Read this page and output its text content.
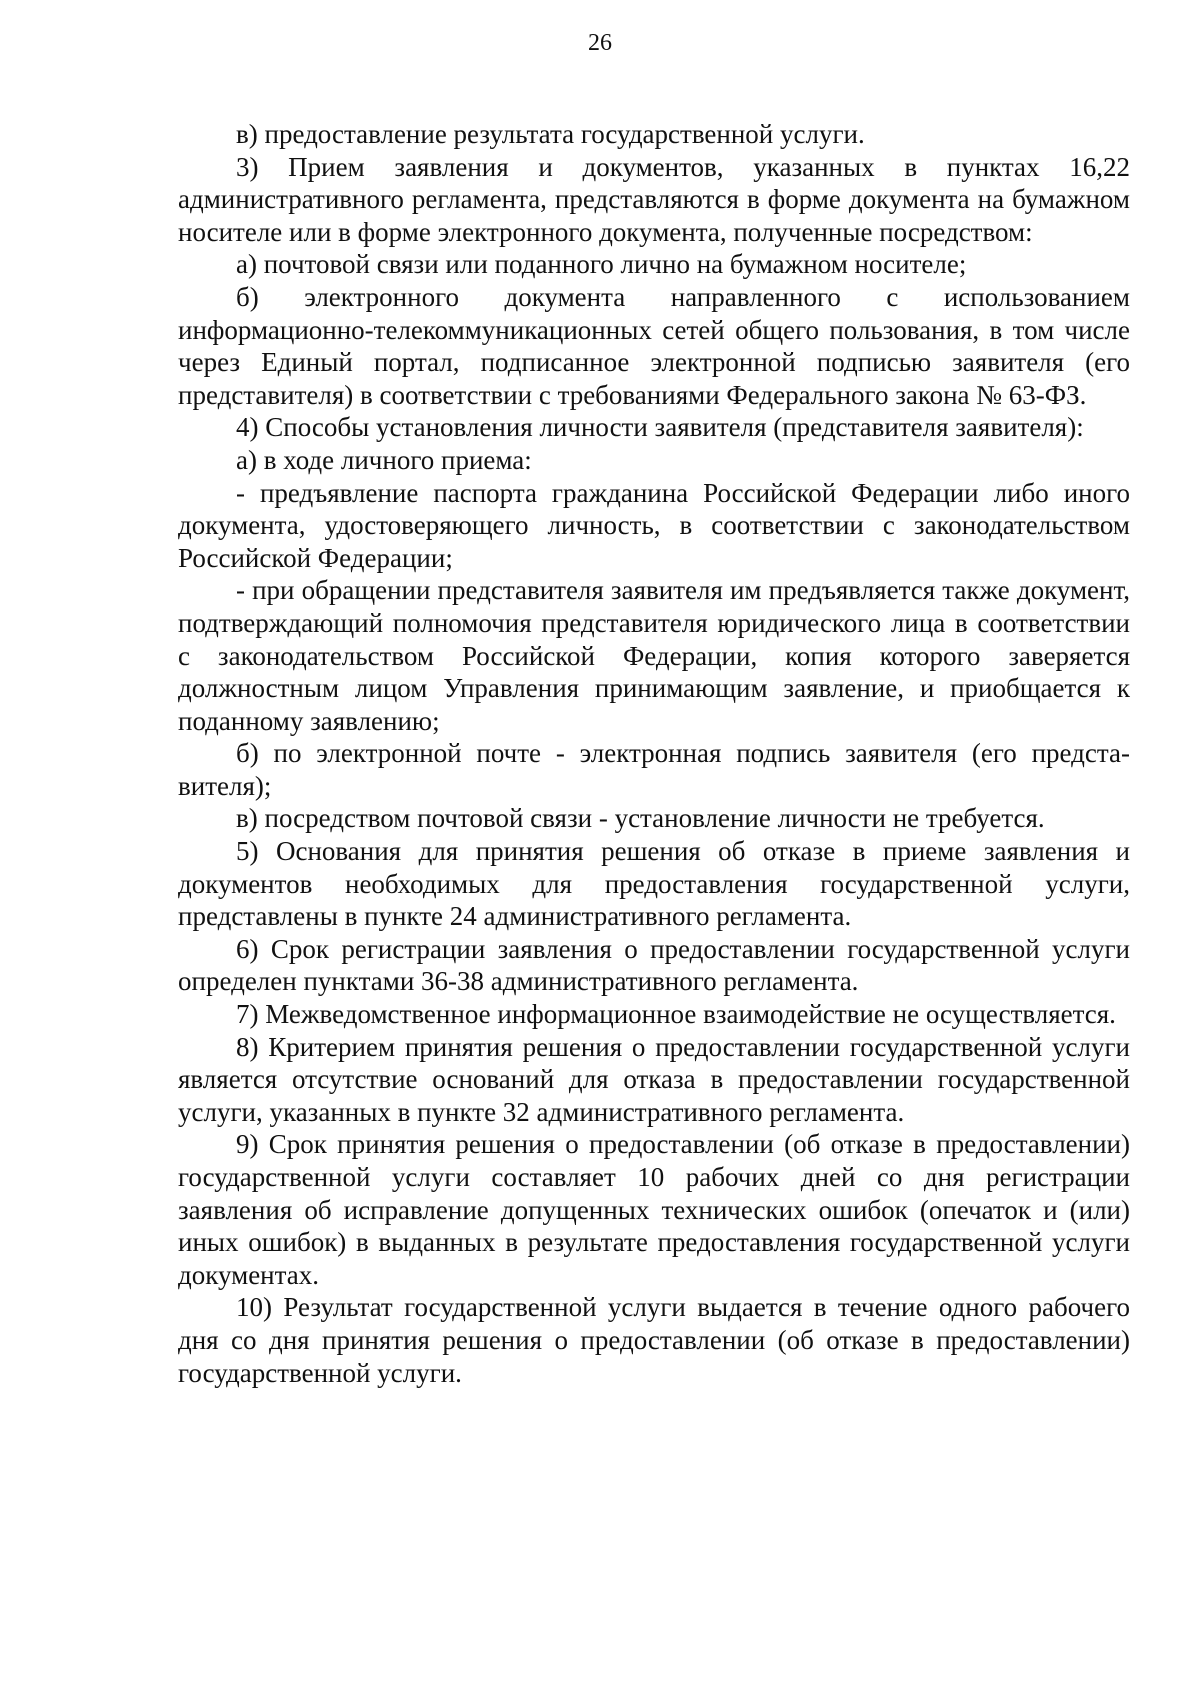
26

в) предоставление результата государственной услуги.

3) Прием заявления и документов, указанных в пунктах 16,22 административного регламента, представляются в форме документа на бумажном носителе или в форме электронного документа, полученные посредством:

а) почтовой связи или поданного лично на бумажном носителе;

б) электронного документа направленного с использованием информационно-телекоммуникационных сетей общего пользования, в том числе через Единый портал, подписанное электронной подписью заявителя (его представителя) в соответствии с требованиями Федерального закона № 63-ФЗ.

4) Способы установления личности заявителя (представителя заявителя):

а) в ходе личного приема:

- предъявление паспорта гражданина Российской Федерации либо иного документа, удостоверяющего личность, в соответствии с законодательством Российской Федерации;

- при обращении представителя заявителя им предъявляется также документ, подтверждающий полномочия представителя юридического лица в соответствии с законодательством Российской Федерации, копия которого заверяется должностным лицом Управления принимающим заявление, и приобщается к поданному заявлению;

б) по электронной почте - электронная подпись заявителя (его предста-вителя);

в) посредством почтовой связи - установление личности не требуется.

5) Основания для принятия решения об отказе в приеме заявления и документов необходимых для предоставления государственной услуги, представлены в пункте 24 административного регламента.

6) Срок регистрации заявления о предоставлении государственной услуги определен пунктами 36-38 административного регламента.

7) Межведомственное информационное взаимодействие не осуществляется.

8) Критерием принятия решения о предоставлении государственной услуги является отсутствие оснований для отказа в предоставлении государственной услуги, указанных в пункте 32 административного регламента.

9) Срок принятия решения о предоставлении (об отказе в предоставлении) государственной услуги составляет 10 рабочих дней со дня регистрации заявления об исправление допущенных технических ошибок (опечаток и (или) иных ошибок) в выданных в результате предоставления государственной услуги документах.

10) Результат государственной услуги выдается в течение одного рабочего дня со дня принятия решения о предоставлении (об отказе в предоставлении) государственной услуги.
